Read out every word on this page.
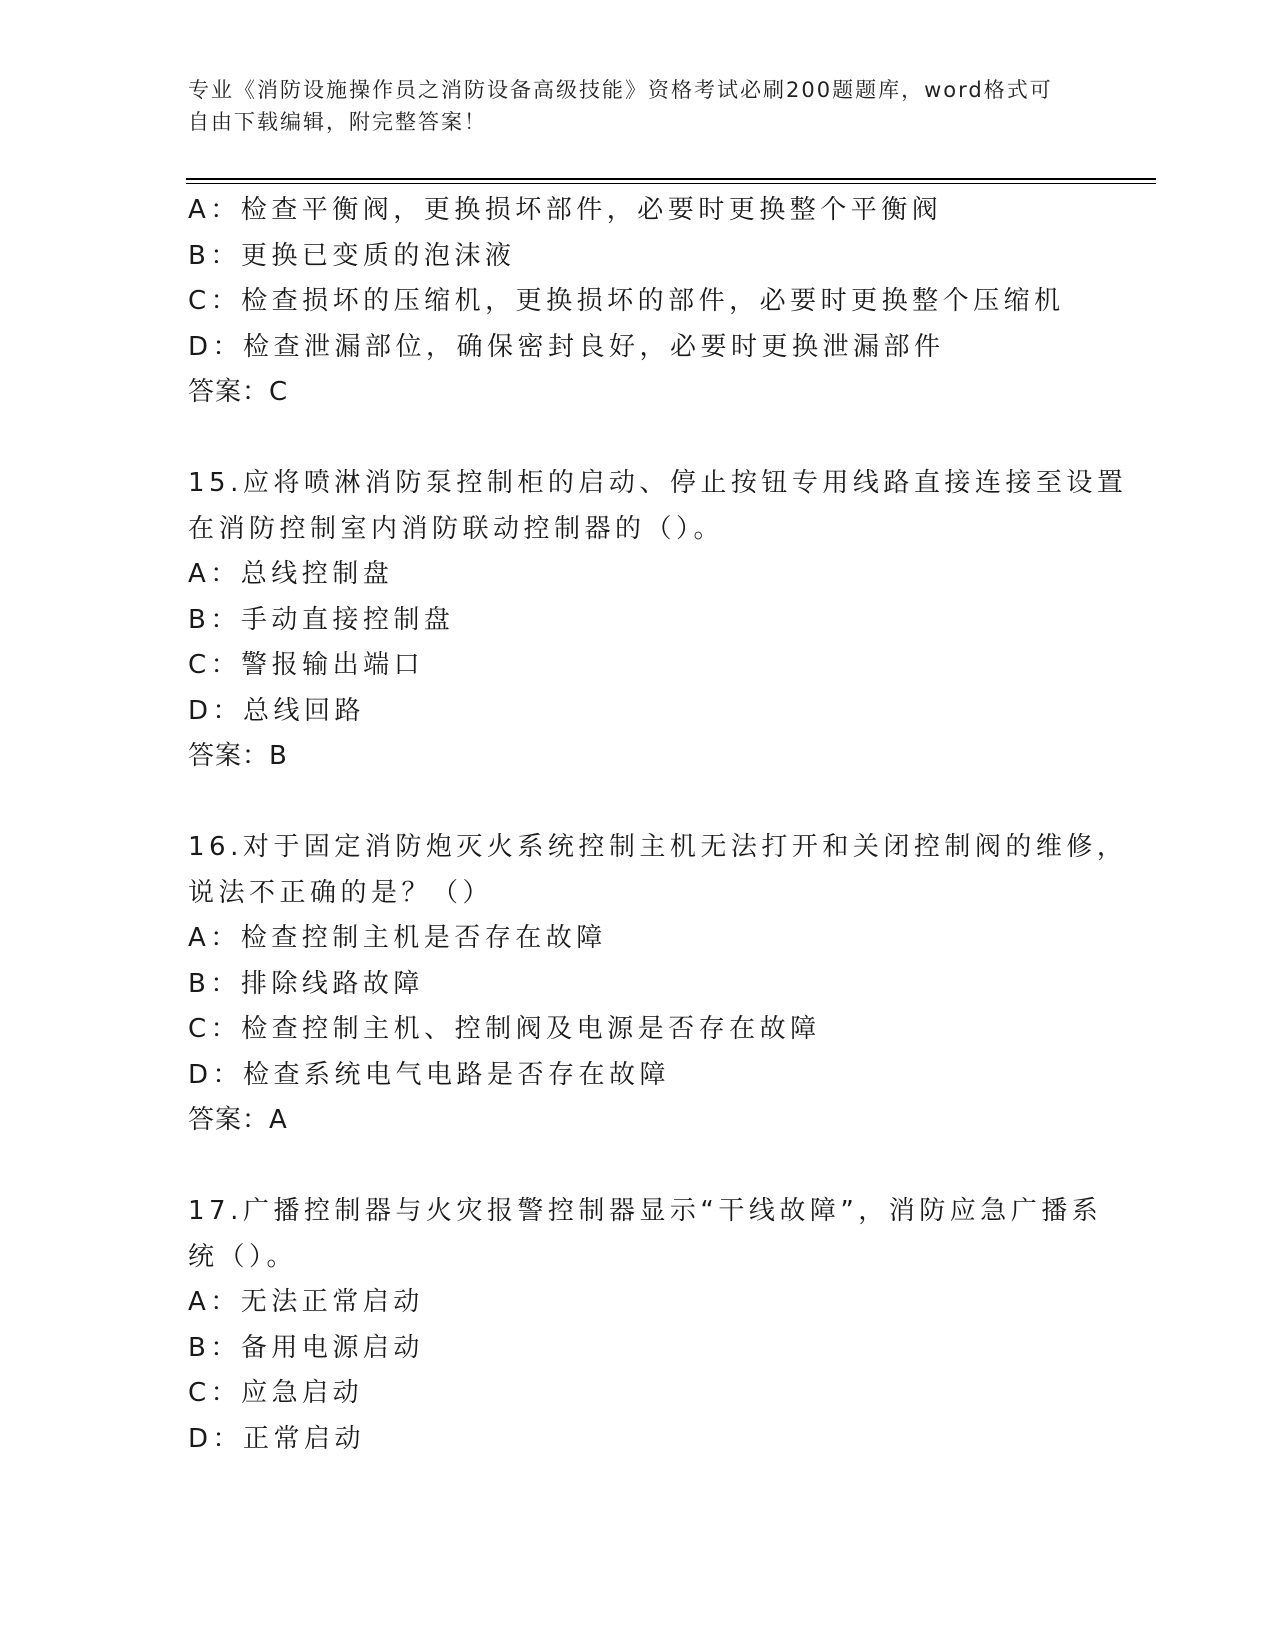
专业《消防设施操作员之消防设备高级技能》资格考试必刷200题题库，word格式可自由下载编辑，附完整答案！
A：检查平衡阀，更换损坏部件，必要时更换整个平衡阀
B：更换已变质的泡沫液
C：检查损坏的压缩机，更换损坏的部件，必要时更换整个压缩机
D：检查泄漏部位，确保密封良好，必要时更换泄漏部件
答案：C
15.应将喷淋消防泵控制柜的启动、停止按钮专用线路直接连接至设置
在消防控制室内消防联动控制器的（）。
A：总线控制盘
B：手动直接控制盘
C：警报输出端口
D：总线回路
答案：B
16.对于固定消防炮灭火系统控制主机无法打开和关闭控制阀的维修，
说法不正确的是？（）
A：检查控制主机是否存在故障
B：排除线路故障
C：检查控制主机、控制阀及电源是否存在故障
D：检查系统电气电路是否存在故障
答案：A
17.广播控制器与火灾报警控制器显示“干线故障”，消防应急广播系
统（）。
A：无法正常启动
B：备用电源启动
C：应急启动
D：正常启动
